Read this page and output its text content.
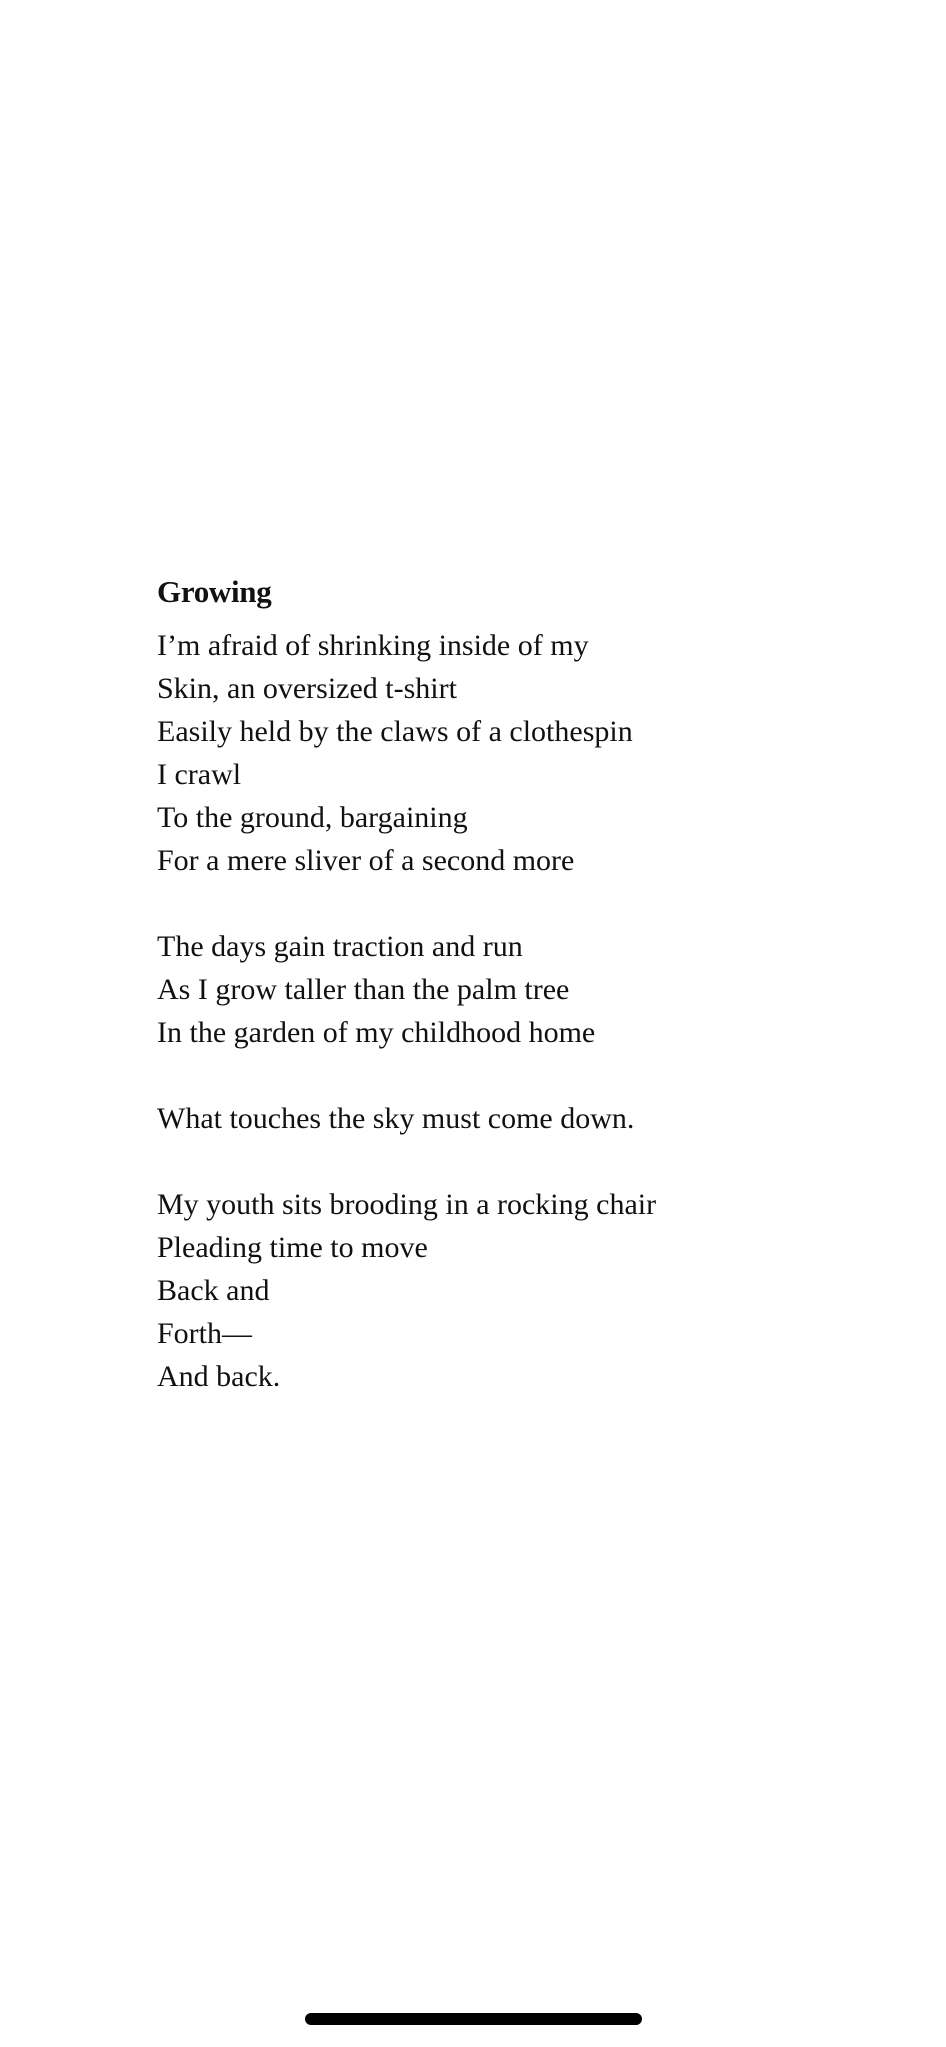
Growing
I’m afraid of shrinking inside of my
Skin, an oversized t-shirt
Easily held by the claws of a clothespin
I crawl
To the ground, bargaining
For a mere sliver of a second more
The days gain traction and run
As I grow taller than the palm tree
In the garden of my childhood home
What touches the sky must come down.
My youth sits brooding in a rocking chair
Pleading time to move
Back and
Forth—
And back.
